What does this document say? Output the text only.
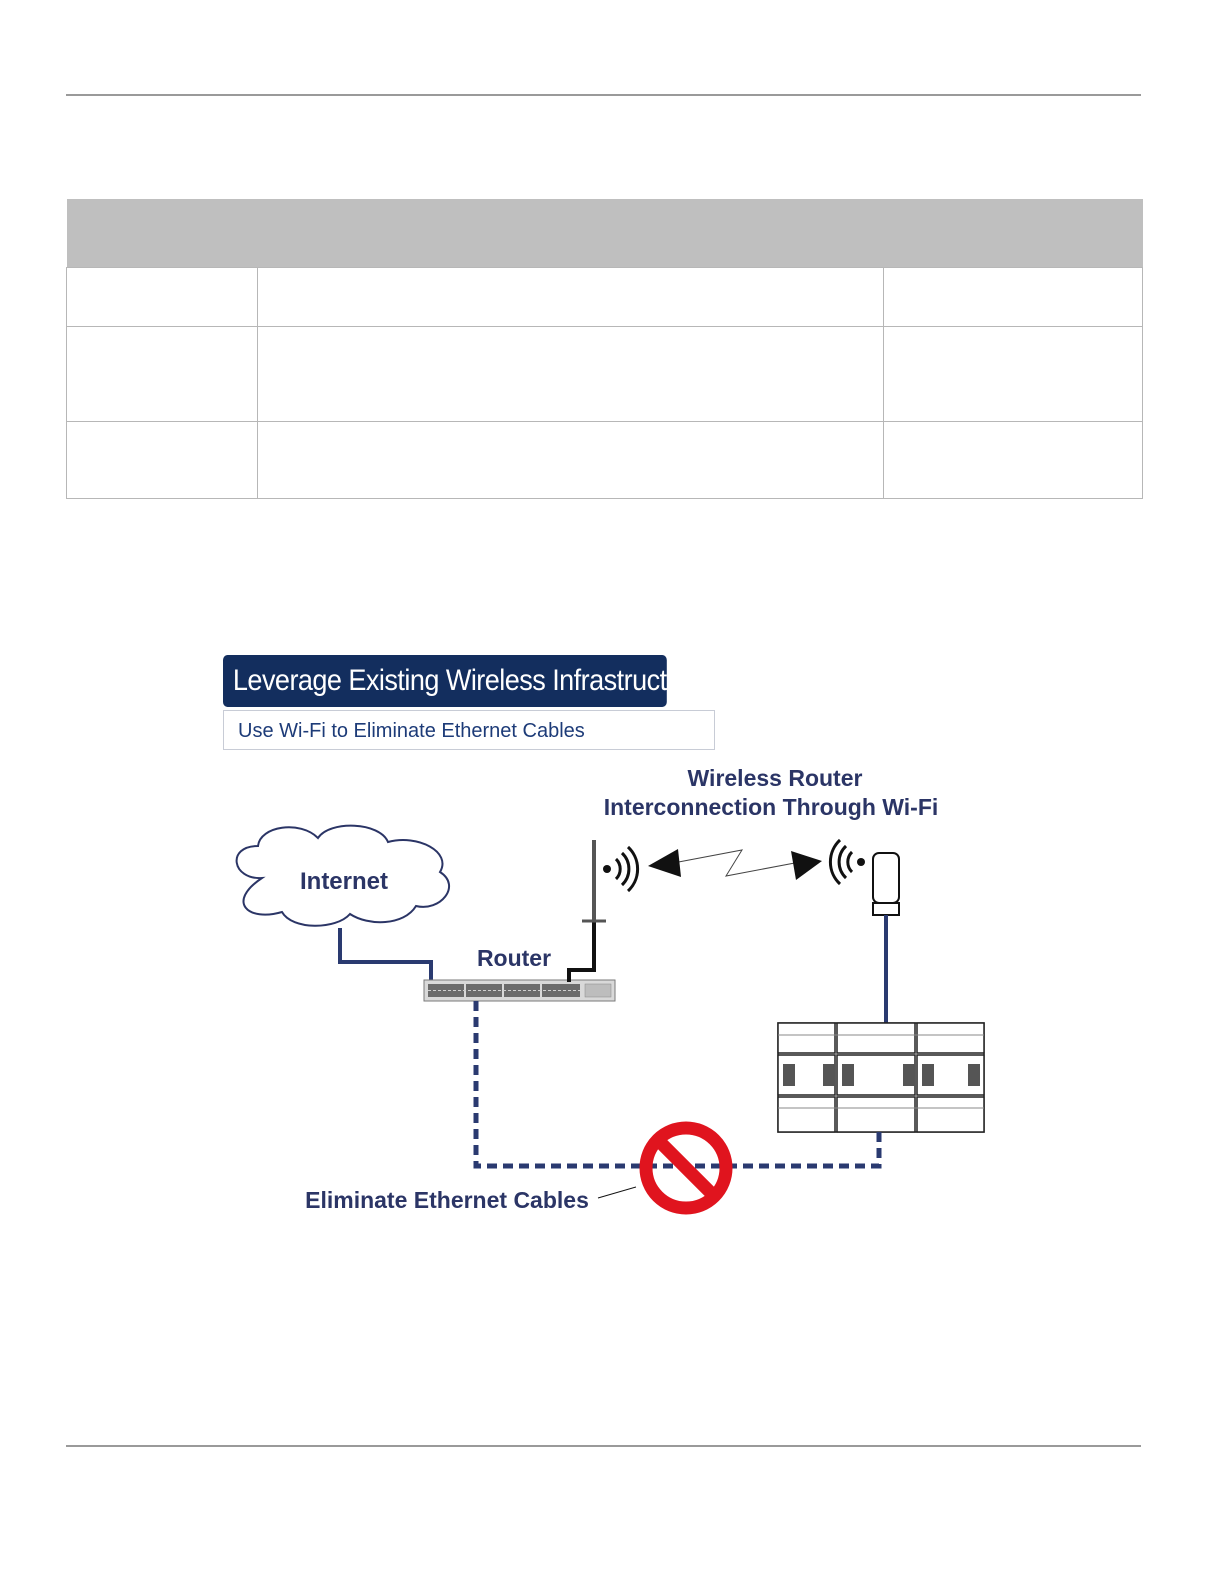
Leverage Existing Wireless Infrastructure:
Use Wi-Fi to Eliminate Ethernet Cables
Wireless Router
Interconnection Through Wi-Fi
Internet
Router
Eliminate Ethernet Cables
